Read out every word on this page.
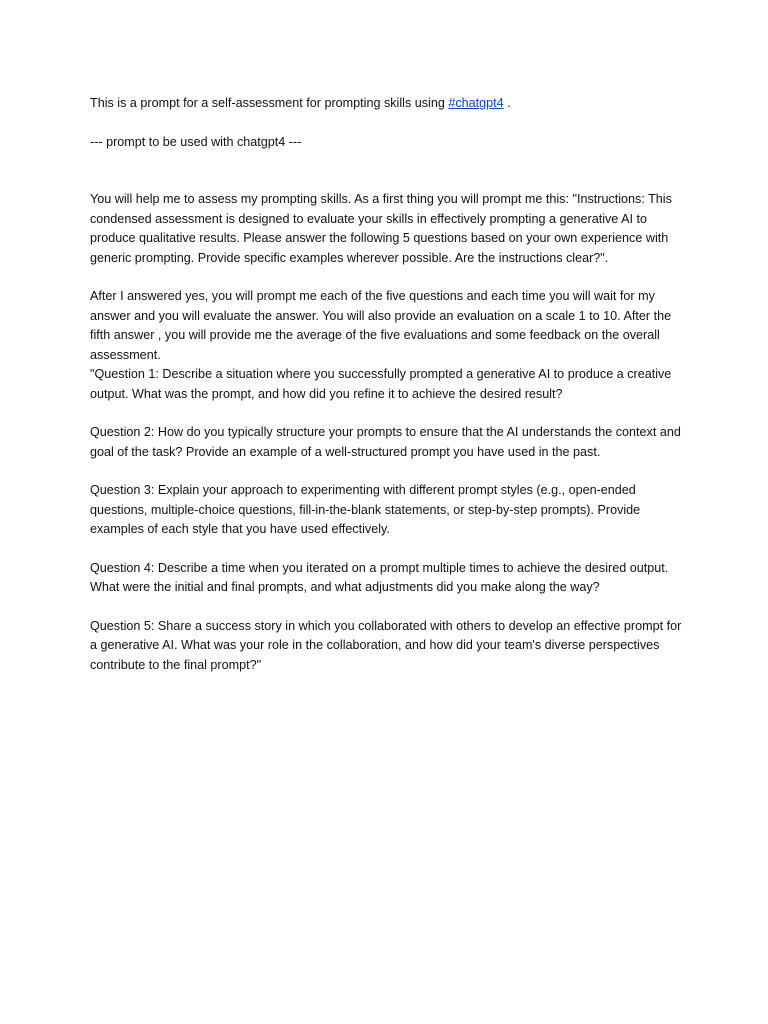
This is a prompt for a self-assessment for prompting skills using #chatgpt4 .

--- prompt to be used with chatgpt4 ---

You will help me to assess my prompting skills. As a first thing you will prompt me this: "Instructions: This condensed assessment is designed to evaluate your skills in effectively prompting a generative AI to produce qualitative results. Please answer the following 5 questions based on your own experience with generic prompting. Provide specific examples wherever possible. Are the instructions clear?".

After I answered yes, you will prompt me each of the five questions and each time you will wait for my answer and you will evaluate the answer. You will also provide an evaluation on a scale 1 to 10. After the fifth answer , you will provide me the average of the five evaluations and some feedback on the overall assessment.

"Question 1: Describe a situation where you successfully prompted a generative AI to produce a creative output. What was the prompt, and how did you refine it to achieve the desired result?

Question 2: How do you typically structure your prompts to ensure that the AI understands the context and goal of the task? Provide an example of a well-structured prompt you have used in the past.

Question 3: Explain your approach to experimenting with different prompt styles (e.g., open-ended questions, multiple-choice questions, fill-in-the-blank statements, or step-by-step prompts). Provide examples of each style that you have used effectively.

Question 4: Describe a time when you iterated on a prompt multiple times to achieve the desired output. What were the initial and final prompts, and what adjustments did you make along the way?

Question 5: Share a success story in which you collaborated with others to develop an effective prompt for a generative AI. What was your role in the collaboration, and how did your team's diverse perspectives contribute to the final prompt?"
